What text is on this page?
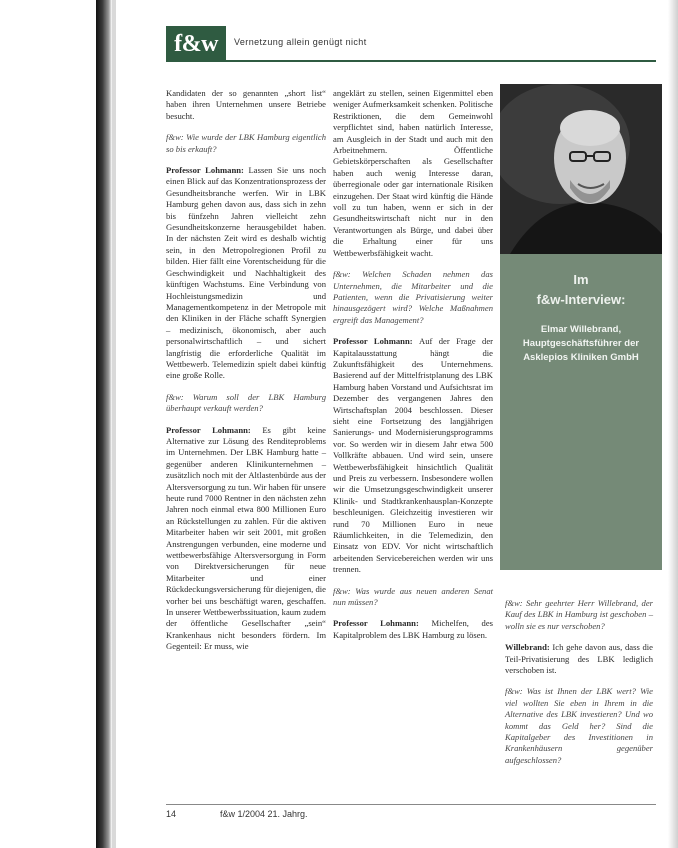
f&w	Vernetzung allein genügt nicht

Kandidaten der so genannten „short list“ haben ihren Unternehmen unsere Betriebe besucht.

f&w: Wie wurde der LBK Hamburg eigentlich so bis erkauft?

Professor Lohmann: Lassen Sie uns noch einen Blick auf das Konzentrationsprozess der Gesundheitsbranche werfen. Wir in LBK Hamburg gehen davon aus, dass sich in zehn bis fünfzehn Jahren vielleicht zehn Gesundheitskonzerne herausgebildet haben. In der nächsten Zeit wird es deshalb wichtig sein, in den Metropolregionen Profil zu bilden. Hier fällt eine Vorentscheidung für die Geschwindigkeit und Nachhaltigkeit des künftigen Wachstums. Eine Verbindung von Hochleistungsmedizin und Managementkompetenz in der Metropole mit den Kliniken in der Fläche schafft Synergien – medizinisch, ökonomisch, aber auch personalwirtschaftlich – und sichert langfristig die erforderliche Qualität im Wettbewerb. Telemedizin spielt dabei künftig eine große Rolle.

f&w: Warum soll der LBK Hamburg überhaupt verkauft werden?

Professor Lohmann: Es gibt keine Alternative zur Lösung des Renditeproblems im Unternehmen. Der LBK Hamburg hatte – gegenüber anderen Klinikunternehmen – zusätzlich noch mit der Altlastenbürde aus der Altersversorgung zu tun. Wir haben für unsere heute rund 7000 Rentner in den nächsten zehn Jahren noch einmal etwa 800 Millionen Euro an Rückstellungen zu zahlen. Für die aktiven Mitarbeiter haben wir seit 2001, mit großen Anstrengungen verbunden, eine moderne und wettbewerbsfähige Altersversorgung in Form von Direktversicherungen für neue Mitarbeiter und einer Rückdeckungsversicherung für diejenigen, die vorher bei uns beschäftigt waren, geschaffen. In unserer Wettbewerbssituation, kaum zudem der öffentliche Gesellschafter „sein“ Krankenhaus nicht besonders fördern. Im Gegenteil: Er muss, wie

angeklärt zu stellen, seinen Eigenmittel eben weniger Aufmerksamkeit schenken. Politische Restriktionen, die dem Gemeinwohl verpflichtet sind, haben natürlich Interesse, am Ausgleich in der Stadt und auch mit den Arbeitnehmern. Öffentliche Gebietskörperschaften als Gesellschafter haben auch wenig Interesse daran, überregionale oder gar internationale Risiken einzugehen. Der Staat wird künftig die Hände voll zu tun haben, wenn er sich in der Gesundheitswirtschaft nicht nur in den Verantwortungen als Bürge, und dabei über die Erhaltung einer für uns Wettbewerbsfähigkeit wacht.

f&w: Welchen Schaden nehmen das Unternehmen, die Mitarbeiter und die Patienten, wenn die Privatisierung weiter hinausgezögert wird? Welche Maßnahmen ergreift das Management?

Professor Lohmann: Auf der Frage der Kapitalausstattung hängt die Zukunftsfähigkeit des Unternehmens. Basierend auf der Mittelfristplanung des LBK Hamburg haben Vorstand und Aufsichtsrat im Dezember des vergangenen Jahres den Wirtschaftsplan 2004 beschlossen. Dieser sieht eine Fortsetzung des langjährigen Sanierungs- und Modernisierungsprogramms vor. So werden wir in diesem Jahr etwa 500 Vollkräfte abbauen. Und wird sein, unsere Wettbewerbsfähigkeit hinsichtlich Qualität und Preis zu verbessern. Insbesondere wollen wir die Umsetzungsgeschwindigkeit unserer Klinik- und Stadtkrankenhausplan-Konzepte beschleunigen. Gleichzeitig investieren wir rund 70 Millionen Euro in neue Räumlichkeiten, in die Telemedizin, den Einsatz von EDV. Vor nicht wirtschaftlich arbeitenden Servicebereichen werden wir uns trennen.

f&w: Was wurde aus neuen anderen Senat nun müssen?

Professor Lohmann: Michelfen, des Kapitalproblem des LBK Hamburg zu lösen.

Im
f&w-Interview:
Elmar Willebrand,
Hauptgeschäftsführer der
Asklepios Kliniken GmbH

f&w: Sehr geehrter Herr Willebrand, der Kauf des LBK in Hamburg ist geschoben – wolln sie es nur verschoben?

Willebrand: Ich gehe davon aus, dass die Teil-Privatisierung des LBK lediglich verschoben ist.

f&w: Was ist Ihnen der LBK wert? Wie viel wollten Sie eben in Ihrem in die Alternative des LBK investieren? Und wo kommt das Geld her? Sind die Kapitalgeber des Investitionen in Krankenhäusern gegenüber aufgeschlossen?

14	f&w 1/2004 21. Jahrg.
